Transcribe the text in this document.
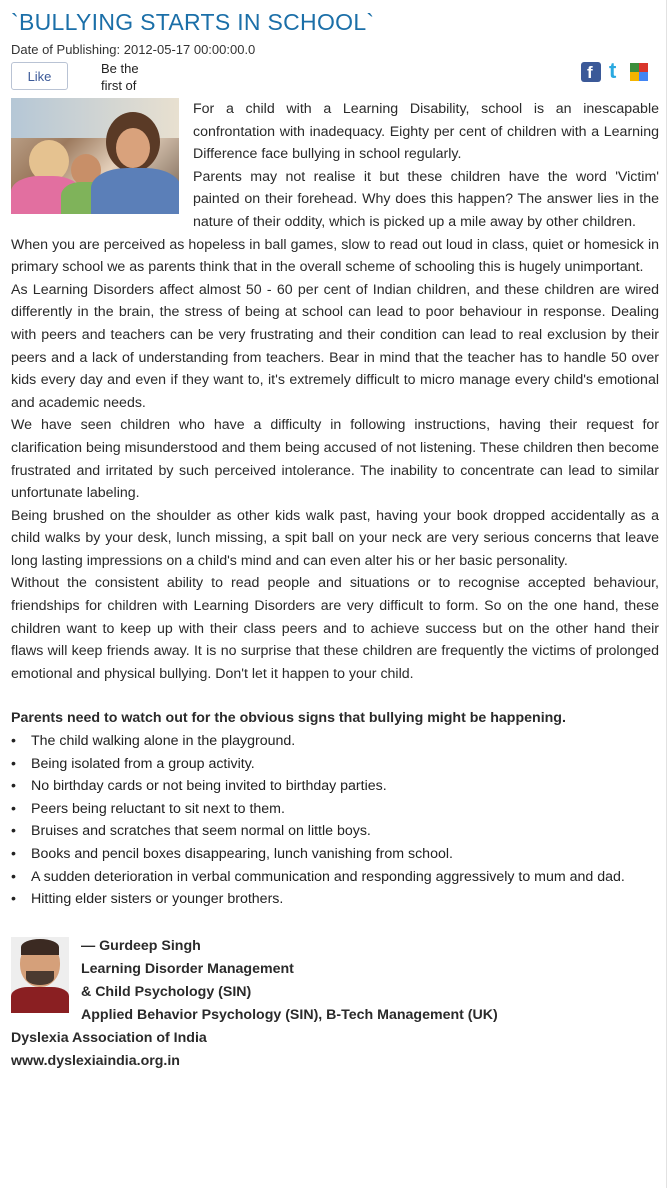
`BULLYING STARTS IN SCHOOL`
Date of Publishing: 2012-05-17 00:00:00.0
Like
Be the
first of
f
t

For a child with a Learning Disability, school is an inescapable confrontation with inadequacy. Eighty per cent of children with a Learning Difference face bullying in school regularly.

Parents may not realise it but these children have the word 'Victim' painted on their forehead. Why does this happen? The answer lies in the nature of their oddity, which is picked up a mile away by other children.

When you are perceived as hopeless in ball games, slow to read out loud in class, quiet or homesick in primary school we as parents think that in the overall scheme of schooling this is hugely unimportant.

As Learning Disorders affect almost 50 - 60 per cent of Indian children, and these children are wired differently in the brain, the stress of being at school can lead to poor behaviour in response. Dealing with peers and teachers can be very frustrating and their condition can lead to real exclusion by their peers and a lack of understanding from teachers. Bear in mind that the teacher has to handle 50 over kids every day and even if they want to, it's extremely difficult to micro manage every child's emotional and academic needs.

We have seen children who have a difficulty in following instructions, having their request for clarification being misunderstood and them being accused of not listening. These children then become frustrated and irritated by such perceived intolerance. The inability to concentrate can lead to similar unfortunate labeling.

Being brushed on the shoulder as other kids walk past, having your book dropped accidentally as a child walks by your desk, lunch missing, a spit ball on your neck are very serious concerns that leave long lasting impressions on a child's mind and can even alter his or her basic personality.

Without the consistent ability to read people and situations or to recognise accepted behaviour, friendships for children with Learning Disorders are very difficult to form. So on the one hand, these children want to keep up with their class peers and to achieve success but on the other hand their flaws will keep friends away. It is no surprise that these children are frequently the victims of prolonged emotional and physical bullying. Don't let it happen to your child.

Parents need to watch out for the obvious signs that bullying might be happening.
• The child walking alone in the playground.
• Being isolated from a group activity.
• No birthday cards or not being invited to birthday parties.
• Peers being reluctant to sit next to them.
• Bruises and scratches that seem normal on little boys.
• Books and pencil boxes disappearing, lunch vanishing from school.
• A sudden deterioration in verbal communication and responding aggressively to mum and dad.
• Hitting elder sisters or younger brothers.
— Gurdeep Singh
Learning Disorder Management
& Child Psychology (SIN)
Applied Behavior Psychology (SIN), B-Tech Management (UK)
Dyslexia Association of India
www.dyslexiaindia.org.in
